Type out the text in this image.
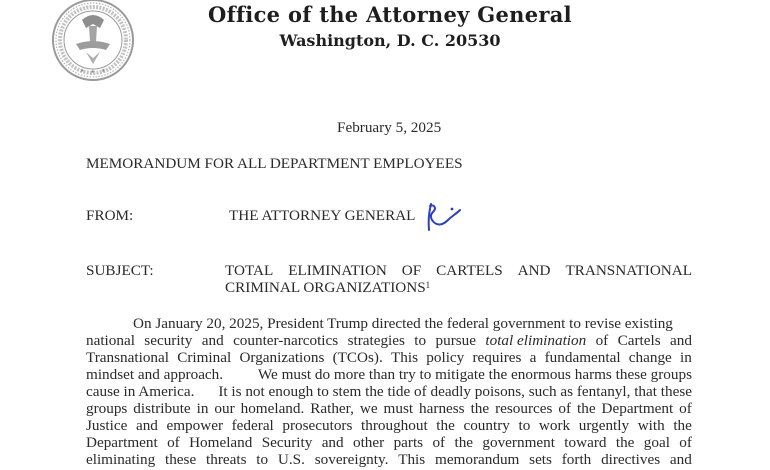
★ ★ ★
Office of the Attorney General
Washington, D. C. 20530
February 5, 2025
MEMORANDUM FOR ALL DEPARTMENT EMPLOYEES
FROM:	THE ATTORNEY GENERAL
SUBJECT:	TOTAL ELIMINATION OF CARTELS AND TRANSNATIONAL
CRIMINAL ORGANIZATIONS$^1$
On January 20, 2025, President Trump directed the federal government to revise existing
national security and counter-narcotics strategies to pursue total elimination of Cartels and
Transnational Criminal Organizations (TCOs). This policy requires a fundamental change in
mindset and approach. We must do more than try to mitigate the enormous harms these groups
cause in America. It is not enough to stem the tide of deadly poisons, such as fentanyl, that these
groups distribute in our homeland. Rather, we must harness the resources of the Department of
Justice and empower federal prosecutors throughout the country to work urgently with the
Department of Homeland Security and other parts of the government toward the goal of
eliminating these threats to U.S. sovereignty. This memorandum sets forth directives and
